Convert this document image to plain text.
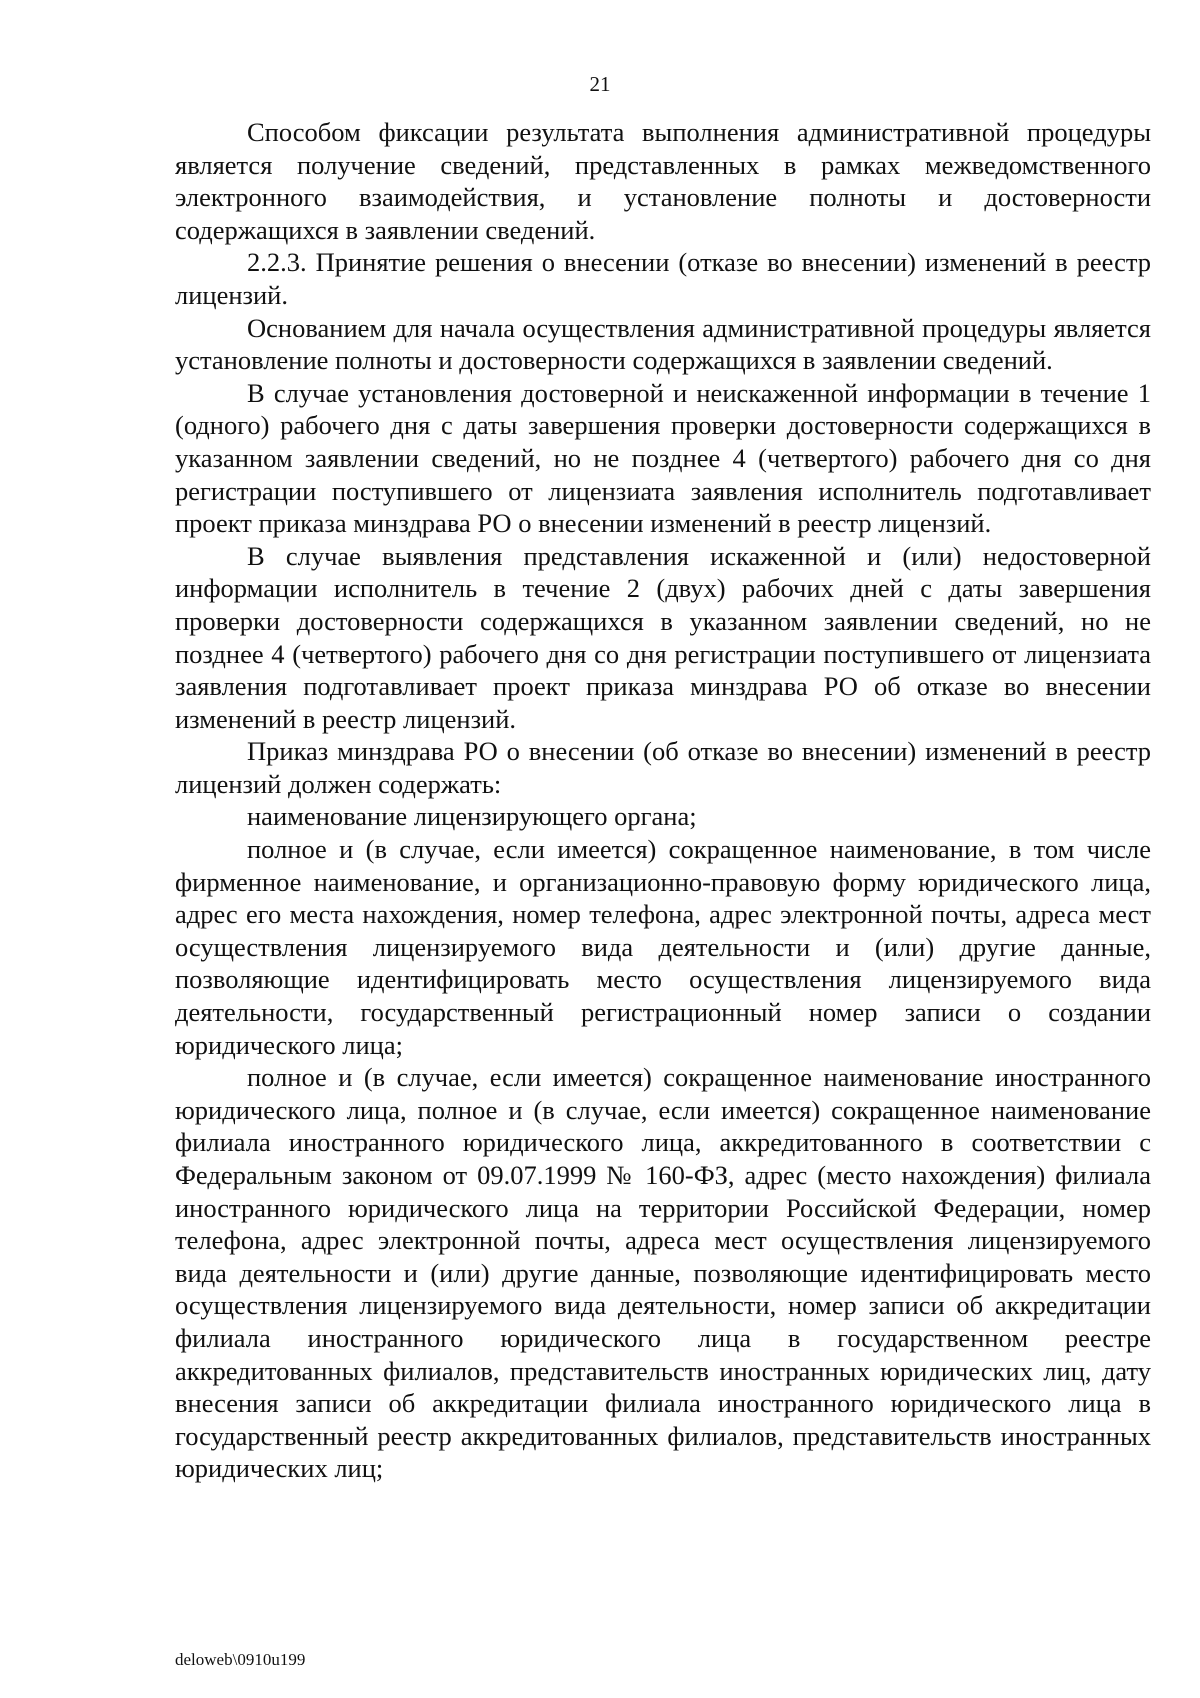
21

Способом фиксации результата выполнения административной процедуры является получение сведений, представленных в рамках межведомственного электронного взаимодействия, и установление полноты и достоверности содержащихся в заявлении сведений.

2.2.3. Принятие решения о внесении (отказе во внесении) изменений в реестр лицензий.

Основанием для начала осуществления административной процедуры является установление полноты и достоверности содержащихся в заявлении сведений.

В случае установления достоверной и неискаженной информации в течение 1 (одного) рабочего дня с даты завершения проверки достоверности содержащихся в указанном заявлении сведений, но не позднее 4 (четвертого) рабочего дня со дня регистрации поступившего от лицензиата заявления исполнитель подготавливает проект приказа минздрава РО о внесении изменений в реестр лицензий.

В случае выявления представления искаженной и (или) недостоверной информации исполнитель в течение 2 (двух) рабочих дней с даты завершения проверки достоверности содержащихся в указанном заявлении сведений, но не позднее 4 (четвертого) рабочего дня со дня регистрации поступившего от лицензиата заявления подготавливает проект приказа минздрава РО об отказе во внесении изменений в реестр лицензий.

Приказ минздрава РО о внесении (об отказе во внесении) изменений в реестр лицензий должен содержать:

наименование лицензирующего органа;

полное и (в случае, если имеется) сокращенное наименование, в том числе фирменное наименование, и организационно-правовую форму юридического лица, адрес его места нахождения, номер телефона, адрес электронной почты, адреса мест осуществления лицензируемого вида деятельности и (или) другие данные, позволяющие идентифицировать место осуществления лицензируемого вида деятельности, государственный регистрационный номер записи о создании юридического лица;

полное и (в случае, если имеется) сокращенное наименование иностранного юридического лица, полное и (в случае, если имеется) сокращенное наименование филиала иностранного юридического лица, аккредитованного в соответствии с Федеральным законом от 09.07.1999 № 160-ФЗ, адрес (место нахождения) филиала иностранного юридического лица на территории Российской Федерации, номер телефона, адрес электронной почты, адреса мест осуществления лицензируемого вида деятельности и (или) другие данные, позволяющие идентифицировать место осуществления лицензируемого вида деятельности, номер записи об аккредитации филиала иностранного юридического лица в государственном реестре аккредитованных филиалов, представительств иностранных юридических лиц, дату внесения записи об аккредитации филиала иностранного юридического лица в государственный реестр аккредитованных филиалов, представительств иностранных юридических лиц;

deloweb\0910u199
